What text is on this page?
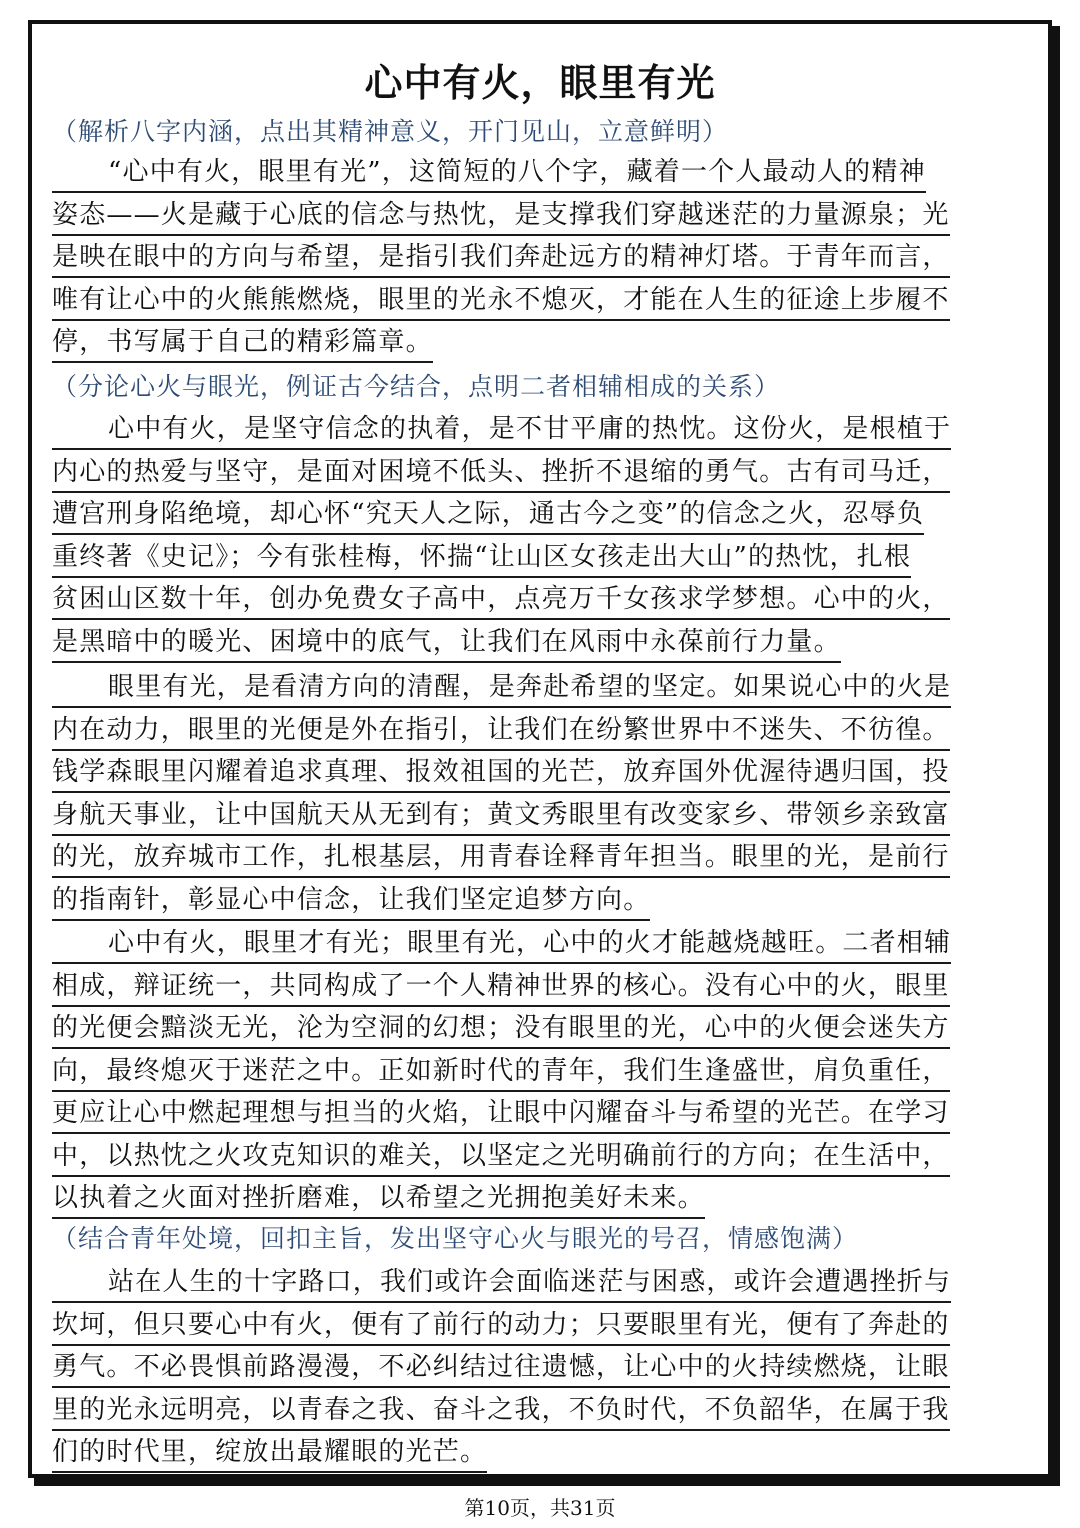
心中有火，眼里有光
（解析八字内涵，点出其精神意义，开门见山，立意鲜明）
“心中有火，眼里有光”，这简短的八个字，藏着一个人最动人的精神
姿态——火是藏于心底的信念与热忱，是支撑我们穿越迷茫的力量源泉；光
是映在眼中的方向与希望，是指引我们奔赴远方的精神灯塔。于青年而言，
唯有让心中的火熊熊燃烧，眼里的光永不熄灭，才能在人生的征途上步履不
停，书写属于自己的精彩篇章。
（分论心火与眼光，例证古今结合，点明二者相辅相成的关系）
心中有火，是坚守信念的执着，是不甘平庸的热忱。这份火，是根植于
内心的热爱与坚守，是面对困境不低头、挫折不退缩的勇气。古有司马迁，
遭宫刑身陷绝境，却心怀“究天人之际，通古今之变”的信念之火，忍辱负
重终著《史记》；今有张桂梅，怀揣“让山区女孩走出大山”的热忱，扎根
贫困山区数十年，创办免费女子高中，点亮万千女孩求学梦想。心中的火，
是黑暗中的暖光、困境中的底气，让我们在风雨中永葆前行力量。
眼里有光，是看清方向的清醒，是奔赴希望的坚定。如果说心中的火是
内在动力，眼里的光便是外在指引，让我们在纷繁世界中不迷失、不彷徨。
钱学森眼里闪耀着追求真理、报效祖国的光芒，放弃国外优渥待遇归国，投
身航天事业，让中国航天从无到有；黄文秀眼里有改变家乡、带领乡亲致富
的光，放弃城市工作，扎根基层，用青春诠释青年担当。眼里的光，是前行
的指南针，彰显心中信念，让我们坚定追梦方向。
心中有火，眼里才有光；眼里有光，心中的火才能越烧越旺。二者相辅
相成，辩证统一，共同构成了一个人精神世界的核心。没有心中的火，眼里
的光便会黯淡无光，沦为空洞的幻想；没有眼里的光，心中的火便会迷失方
向，最终熄灭于迷茫之中。正如新时代的青年，我们生逢盛世，肩负重任，
更应让心中燃起理想与担当的火焰，让眼中闪耀奋斗与希望的光芒。在学习
中，以热忱之火攻克知识的难关，以坚定之光明确前行的方向；在生活中，
以执着之火面对挫折磨难，以希望之光拥抱美好未来。
（结合青年处境，回扣主旨，发出坚守心火与眼光的号召，情感饱满）
站在人生的十字路口，我们或许会面临迷茫与困惑，或许会遭遇挫折与
坎坷，但只要心中有火，便有了前行的动力；只要眼里有光，便有了奔赴的
勇气。不必畏惧前路漫漫，不必纠结过往遗憾，让心中的火持续燃烧，让眼
里的光永远明亮，以青春之我、奋斗之我，不负时代，不负韶华，在属于我
们的时代里，绽放出最耀眼的光芒。
第10页，共31页
